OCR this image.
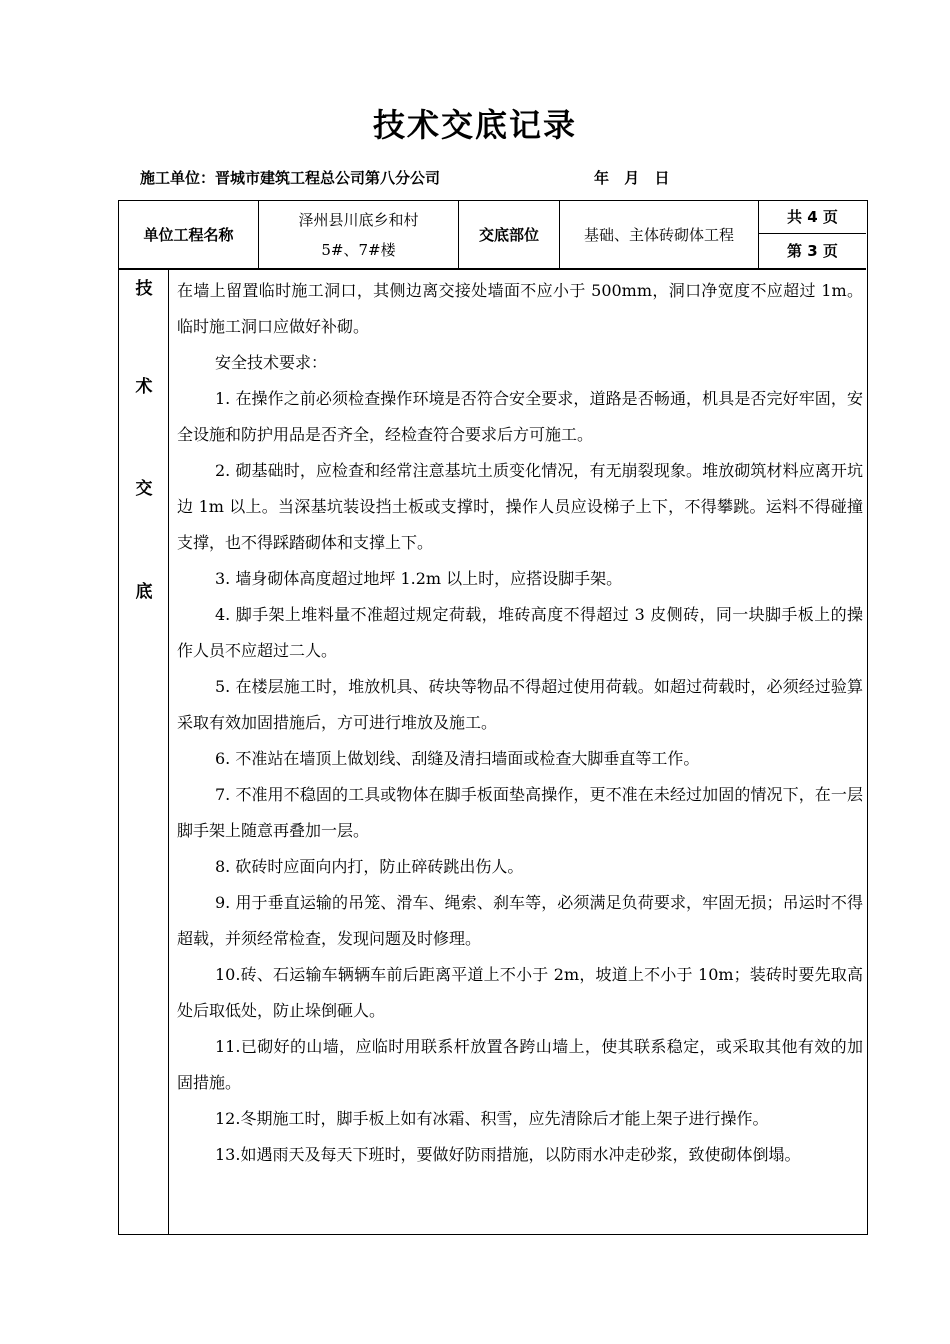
技术交底记录
施工单位：晋城市建筑工程总公司第八分公司	年 月 日
单位工程名称
泽州县川底乡和村
5#、7#楼
交底部位	基础、主体砖砌体工程
共 4 页
第 3 页
技
术
交
底

在墙上留置临时施工洞口，其侧边离交接处墙面不应小于 500mm，洞口净宽度不应超过 1m。临时施工洞口应做好补砌。

安全技术要求：

1. 在操作之前必须检查操作环境是否符合安全要求，道路是否畅通，机具是否完好牢固，安全设施和防护用品是否齐全，经检查符合要求后方可施工。

2. 砌基础时，应检查和经常注意基坑土质变化情况，有无崩裂现象。堆放砌筑材料应离开坑边 1m 以上。当深基坑装设挡土板或支撑时，操作人员应设梯子上下，不得攀跳。运料不得碰撞支撑，也不得踩踏砌体和支撑上下。

3. 墙身砌体高度超过地坪 1.2m 以上时，应搭设脚手架。

4. 脚手架上堆料量不准超过规定荷载，堆砖高度不得超过 3 皮侧砖，同一块脚手板上的操作人员不应超过二人。

5. 在楼层施工时，堆放机具、砖块等物品不得超过使用荷载。如超过荷载时，必须经过验算采取有效加固措施后，方可进行堆放及施工。

6. 不准站在墙顶上做划线、刮缝及清扫墙面或检查大脚垂直等工作。

7. 不准用不稳固的工具或物体在脚手板面垫高操作，更不准在未经过加固的情况下，在一层脚手架上随意再叠加一层。

8. 砍砖时应面向内打，防止碎砖跳出伤人。

9. 用于垂直运输的吊笼、滑车、绳索、刹车等，必须满足负荷要求，牢固无损；吊运时不得超载，并须经常检查，发现问题及时修理。

10.砖、石运输车辆辆车前后距离平道上不小于 2m，坡道上不小于 10m；装砖时要先取高处后取低处，防止垛倒砸人。

11.已砌好的山墙，应临时用联系杆放置各跨山墙上，使其联系稳定，或采取其他有效的加固措施。

12.冬期施工时，脚手板上如有冰霜、积雪，应先清除后才能上架子进行操作。

13.如遇雨天及每天下班时，要做好防雨措施，以防雨水冲走砂浆，致使砌体倒塌。
